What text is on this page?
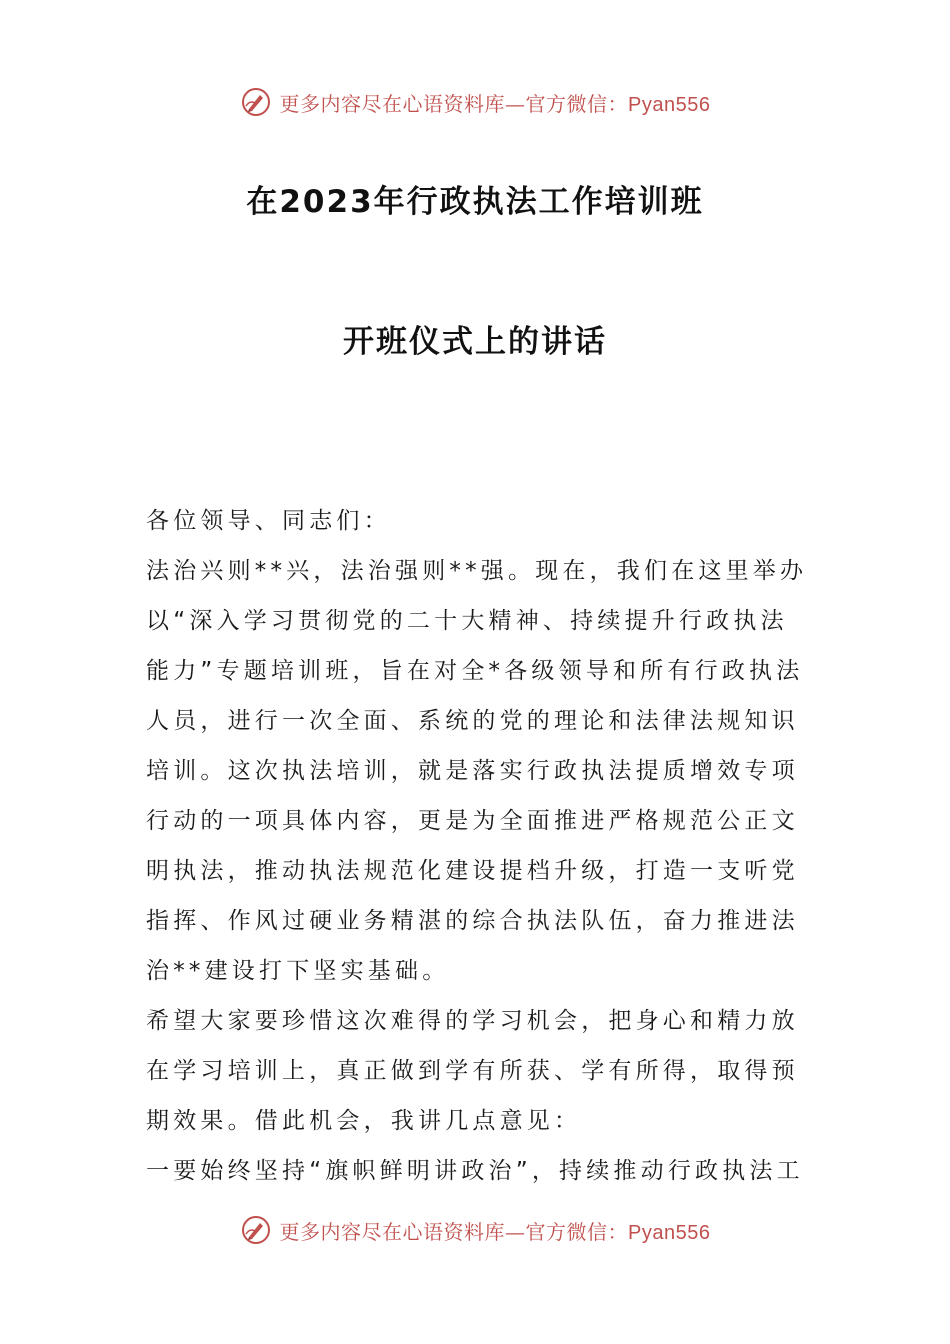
更多内容尽在心语资料库—官方微信：Pyan556
在2023年行政执法工作培训班
开班仪式上的讲话

各位领导、同志们：

法治兴则**兴，法治强则**强。现在，我们在这里举办以“深入学习贯彻党的二十大精神、持续提升行政执法能力”专题培训班，旨在对全*各级领导和所有行政执法人员，进行一次全面、系统的党的理论和法律法规知识培训。这次执法培训，就是落实行政执法提质增效专项行动的一项具体内容，更是为全面推进严格规范公正文明执法，推动执法规范化建设提档升级，打造一支听党指挥、作风过硬业务精湛的综合执法队伍，奋力推进法治**建设打下坚实基础。

希望大家要珍惜这次难得的学习机会，把身心和精力放在学习培训上，真正做到学有所获、学有所得，取得预期效果。借此机会，我讲几点意见：

一要始终坚持“旗帜鲜明讲政治”，持续推动行政执法工

更多内容尽在心语资料库—官方微信：Pyan556
